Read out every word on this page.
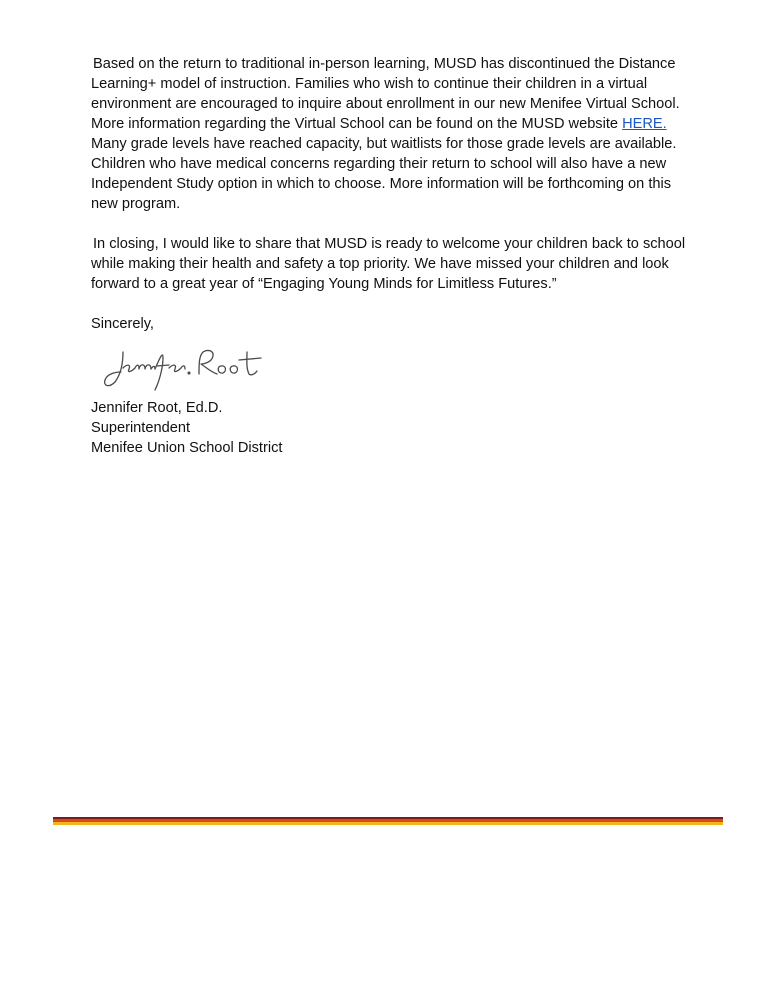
Based on the return to traditional in-person learning, MUSD has discontinued the Distance Learning+ model of instruction. Families who wish to continue their children in a virtual environment are encouraged to inquire about enrollment in our new Menifee Virtual School. More information regarding the Virtual School can be found on the MUSD website HERE. Many grade levels have reached capacity, but waitlists for those grade levels are available. Children who have medical concerns regarding their return to school will also have a new Independent Study option in which to choose. More information will be forthcoming on this new program.

In closing, I would like to share that MUSD is ready to welcome your children back to school while making their health and safety a top priority. We have missed your children and look forward to a great year of “Engaging Young Minds for Limitless Futures.”

Sincerely,

Jennifer Root, Ed.D.

Superintendent

Menifee Union School District
